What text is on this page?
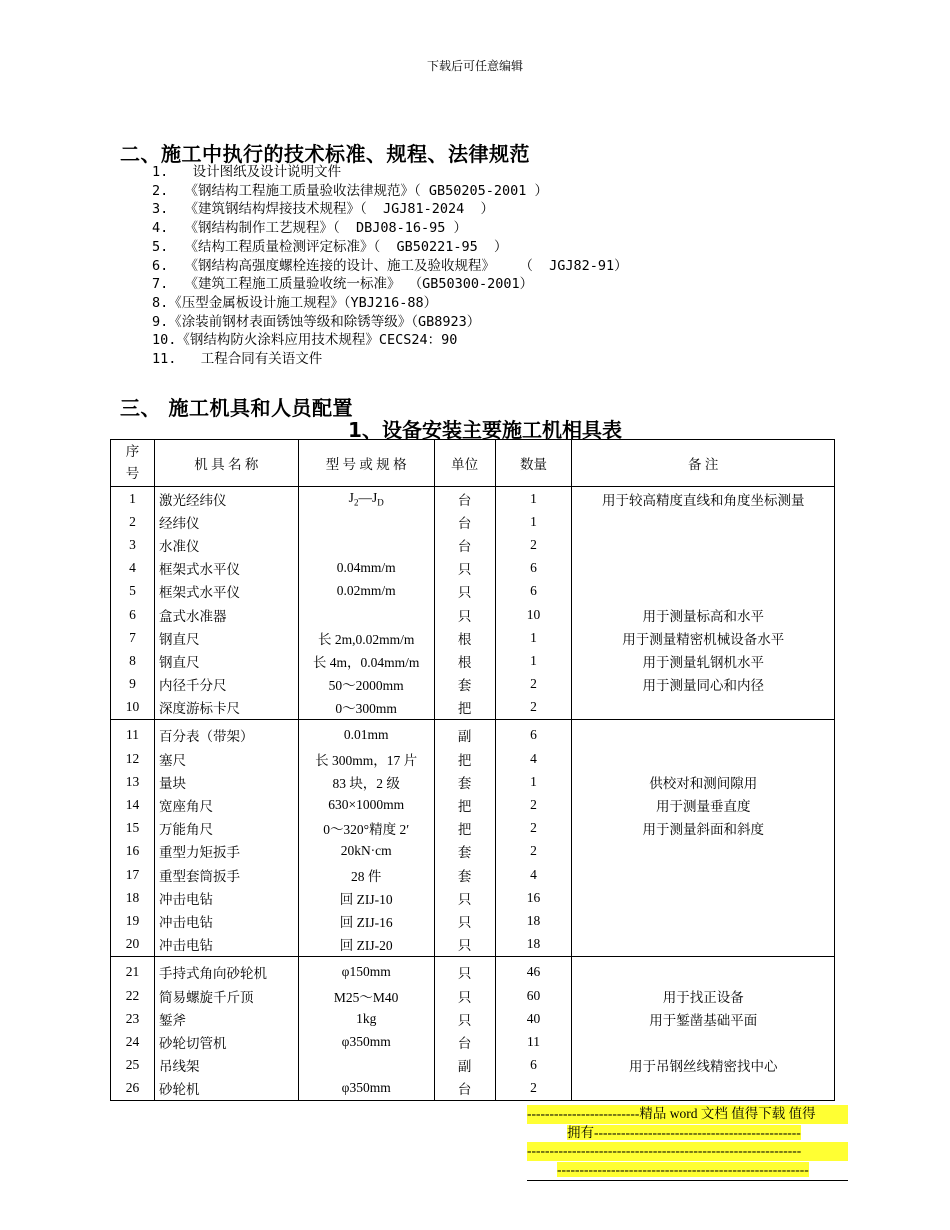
下载后可任意编辑
二、施工中执行的技术标准、规程、法律规范
1.   设计图纸及设计说明文件
2.  《钢结构工程施工质量验收法律规范》（ GB50205-2001 ）
3.  《建筑钢结构焊接技术规程》（  JGJ81-2024  ）
4.  《钢结构制作工艺规程》（  DBJ08-16-95 ）
5.  《结构工程质量检测评定标准》（  GB50221-95  ）
6.  《钢结构高强度螺栓连接的设计、施工及验收规程》   （  JGJ82-91）
7.  《建筑工程施工质量验收统一标准》 （GB50300-2001）
8.《压型金属板设计施工规程》（YBJ216-88）
9.《涂装前钢材表面锈蚀等级和除锈等级》（GB8923）
10.《钢结构防火涂料应用技术规程》CECS24：90
11.   工程合同有关语文件
三、 施工机具和人员配置
1、设备安装主要施工机相具表
序
号	机 具 名 称	型 号 或 规 格	单位	数量	备 注
1	激光经纬仪	$J_2—J_D$	台	1	用于较高精度直线和角度坐标测量
2	经纬仪		台	1	
3	水准仪		台	2	
4	框架式水平仪	0.04mm/m	只	6	
5	框架式水平仪	0.02mm/m	只	6	
6	盒式水准器		只	10	用于测量标高和水平
7	钢直尺	长 2m,0.02mm/m	根	1	用于测量精密机械设备水平
8	钢直尺	长 4m，0.04mm/m	根	1	用于测量轧钢机水平
9	内径千分尺	50～2000mm	套	2	用于测量同心和内径
10	深度游标卡尺	0～300mm	把	2	
11	百分表（带架）	0.01mm	副	6	
12	塞尺	长 300mm，17 片	把	4	
13	量块	83 块，2 级	套	1	供校对和测间隙用
14	宽座角尺	630×1000mm	把	2	用于测量垂直度
15	万能角尺	0～320°精度 2′	把	2	用于测量斜面和斜度
16	重型力矩扳手	20kN·cm	套	2	
17	重型套筒扳手	28 件	套	4	
18	冲击电钻	回 ZIJ-10	只	16	
19	冲击电钻	回 ZIJ-16	只	18	
20	冲击电钻	回 ZIJ-20	只	18	
21	手持式角向砂轮机	φ150mm	只	46	
22	简易螺旋千斤顶	M25～M40	只	60	用于找正设备
23	錾斧	1kg	只	40	用于錾凿基础平面
24	砂轮切管机	φ350mm	台	11	
25	吊线架		副	6	用于吊钢丝线精密找中心
26	砂轮机	φ350mm	台	2	
-------------------------精品 word 文档 值得下载 值得
拥有----------------------------------------------
-------------------------------------------------------------
--------------------------------------------------------
